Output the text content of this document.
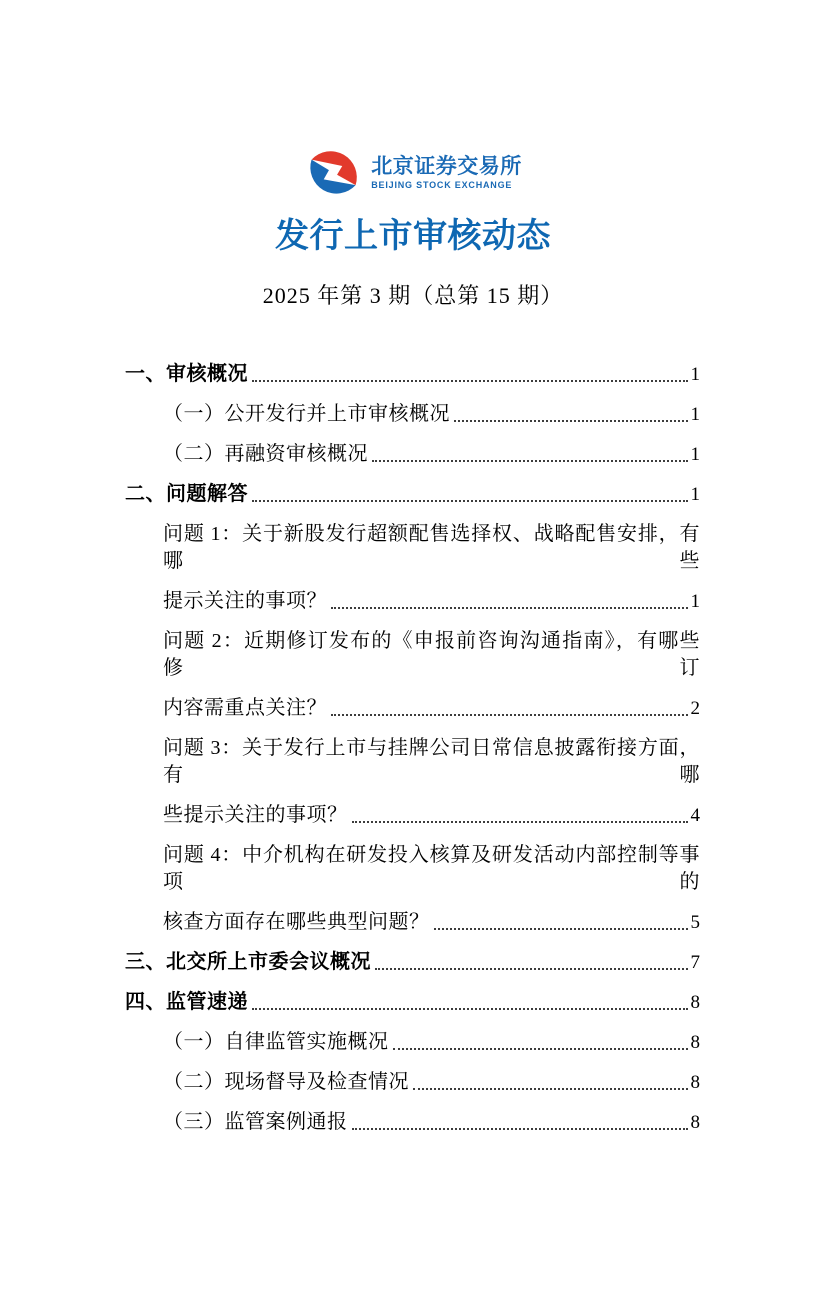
北京证券交易所
BEIJING STOCK EXCHANGE
发行上市审核动态
2025 年第 3 期（总第 15 期）
一、审核概况	1
（一）公开发行并上市审核概况	1
（二）再融资审核概况	1
二、问题解答	1
问题 1：关于新股发行超额配售选择权、战略配售安排，有哪些
提示关注的事项？	1
问题 2：近期修订发布的《申报前咨询沟通指南》，有哪些修订
内容需重点关注？	2
问题 3：关于发行上市与挂牌公司日常信息披露衔接方面，有哪
些提示关注的事项？	4
问题 4：中介机构在研发投入核算及研发活动内部控制等事项的
核查方面存在哪些典型问题？	5
三、北交所上市委会议概况	7
四、监管速递	8
（一）自律监管实施概况	8
（二）现场督导及检查情况	8
（三）监管案例通报	8
